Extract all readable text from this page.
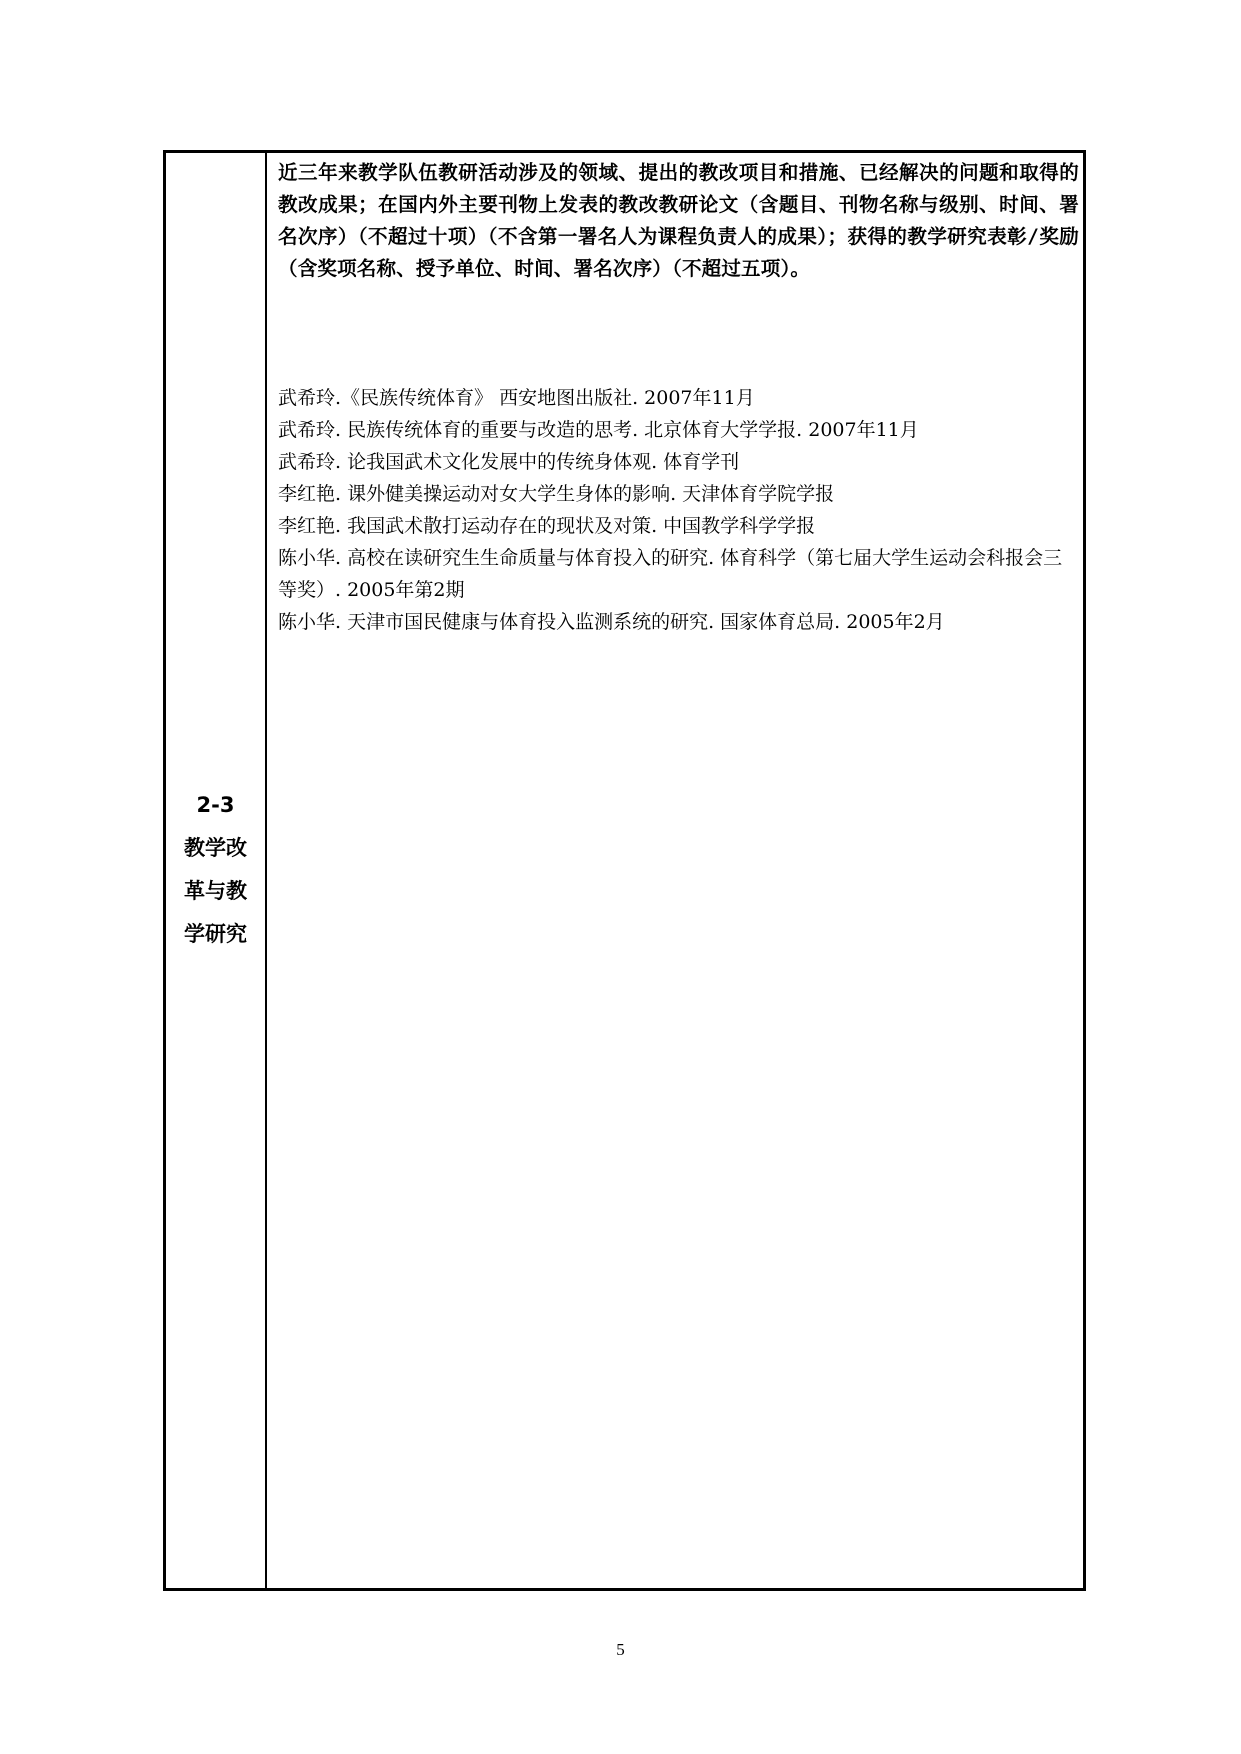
2-3
教学改
革与教
学研究

近三年来教学队伍教研活动涉及的领域、提出的教改项目和措施、已经解决的问题和取得的教改成果；在国内外主要刊物上发表的教改教研论文（含题目、刊物名称与级别、时间、署名次序）（不超过十项）（不含第一署名人为课程负责人的成果）；获得的教学研究表彰/奖励（含奖项名称、授予单位、时间、署名次序）（不超过五项）。

武希玲.《民族传统体育》 西安地图出版社. 2007年11月
武希玲. 民族传统体育的重要与改造的思考. 北京体育大学学报. 2007年11月
武希玲. 论我国武术文化发展中的传统身体观. 体育学刊
李红艳. 课外健美操运动对女大学生身体的影响. 天津体育学院学报
李红艳. 我国武术散打运动存在的现状及对策. 中国教学科学学报
陈小华. 高校在读研究生生命质量与体育投入的研究. 体育科学（第七届大学生运动会科报会三等奖）. 2005年第2期
陈小华. 天津市国民健康与体育投入监测系统的研究. 国家体育总局. 2005年2月
5
